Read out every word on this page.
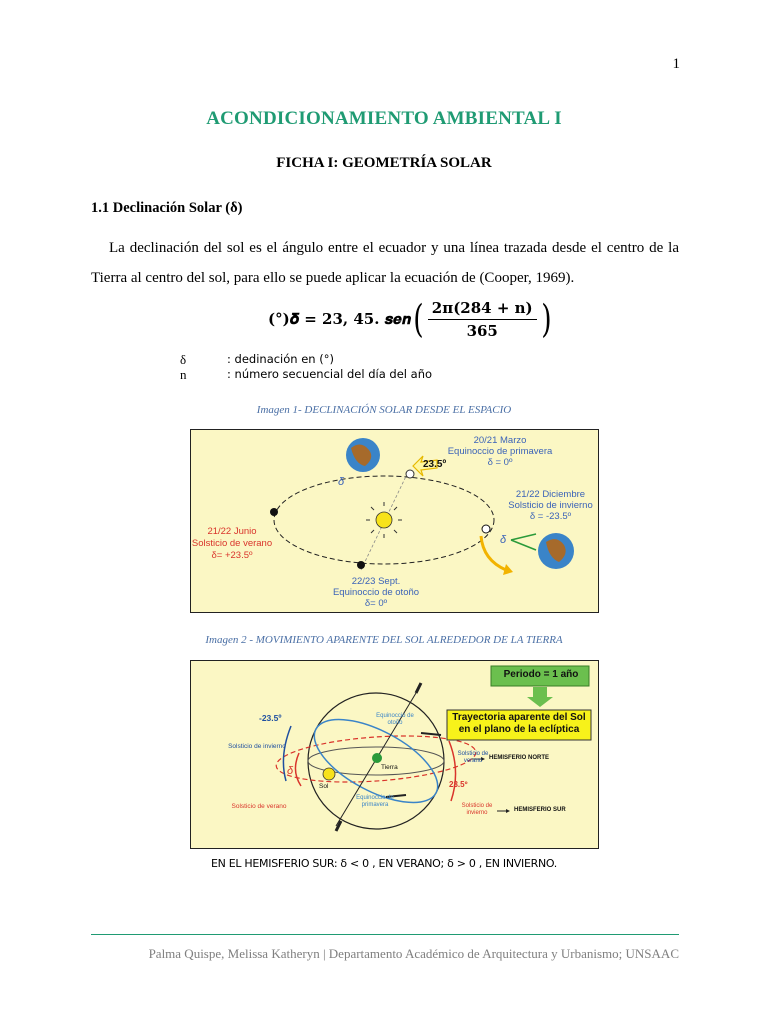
1
ACONDICIONAMIENTO AMBIENTAL I
FICHA I: GEOMETRÍA SOLAR
1.1 Declinación Solar (δ)
La declinación del sol es el ángulo entre el ecuador y una línea trazada desde el centro de la Tierra al centro del sol, para ello se puede aplicar la ecuación de (Cooper, 1969).
(°)𝜹 = 𝟐𝟑, 𝟒𝟓. 𝒔𝒆𝒏 ( $\frac{2\pi(284 + n)}{365}$ )
δ	: dedinación en (°)
n	: número secuencial del día del año
Imagen 1- DECLINACIÓN SOLAR DESDE EL ESPACIO
20/21 Marzo
Equinoccio de primavera
δ = 0º
23.5º
21/22 Diciembre
Solsticio de invierno
δ = -23.5º
21/22 Junio
Solsticio de verano
δ= +23.5º
22/23 Sept.
Equinoccio de otoño
δ= 0º
δ
δ
Imagen 2 - MOVIMIENTO APARENTE DEL SOL ALREDEDOR DE LA TIERRA
Periodo = 1 año
Trayectoria aparente del Sol
en el plano de la eclíptica
-23.5º
Solsticio de invierno
Solsticio de verano
Equinoccio de otoño
Equinoccio de primavera
Tierra
Sol	23.5º
Solsticio de verano
Solsticio de invierno
HEMISFERIO NORTE
HEMISFERIO SUR
δ
EN EL HEMISFERIO SUR: δ < 0 , EN VERANO; δ > 0 , EN INVIERNO.
Palma Quispe, Melissa Katheryn | Departamento Académico de Arquitectura y Urbanismo; UNSAAC
